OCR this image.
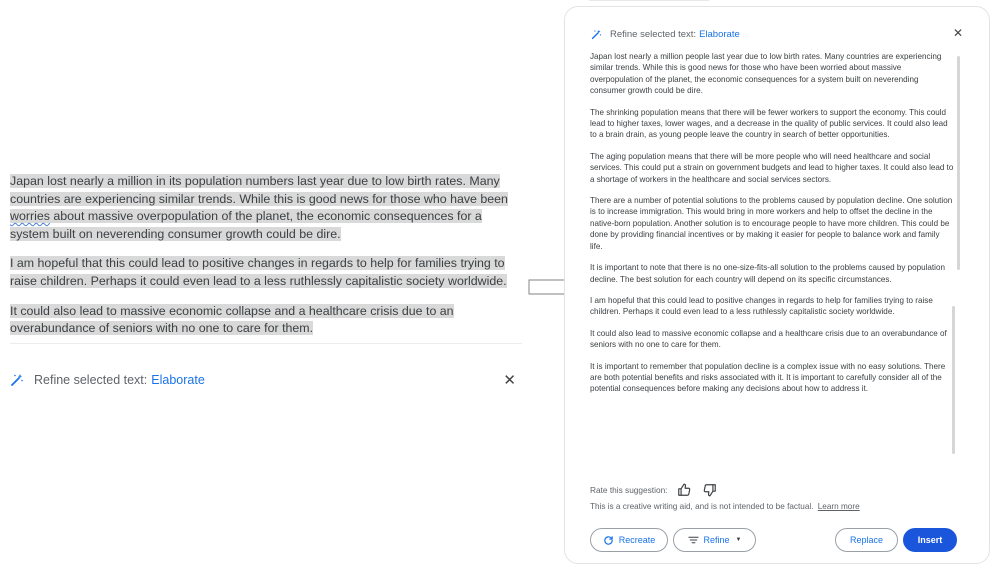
Japan lost nearly a million in its population numbers last year due to low birth rates. Many countries are experiencing similar trends. While this is good news for those who have been worries about massive overpopulation of the planet, the economic consequences for a system built on neverending consumer growth could be dire.

I am hopeful that this could lead to positive changes in regards to help for families trying to raise children. Perhaps it could even lead to a less ruthlessly capitalistic society worldwide.

It could also lead to massive economic collapse and a healthcare crisis due to an overabundance of seniors with no one to care for them.

Refine selected text: Elaborate	✕
Refine selected text: Elaborate	✕

Japan lost nearly a million people last year due to low birth rates. Many countries are experiencing similar trends. While this is good news for those who have been worried about massive overpopulation of the planet, the economic consequences for a system built on neverending consumer growth could be dire.

The shrinking population means that there will be fewer workers to support the economy. This could lead to higher taxes, lower wages, and a decrease in the quality of public services. It could also lead to a brain drain, as young people leave the country in search of better opportunities.

The aging population means that there will be more people who will need healthcare and social services. This could put a strain on government budgets and lead to higher taxes. It could also lead to a shortage of workers in the healthcare and social services sectors.

There are a number of potential solutions to the problems caused by population decline. One solution is to increase immigration. This would bring in more workers and help to offset the decline in the native-born population. Another solution is to encourage people to have more children. This could be done by providing financial incentives or by making it easier for people to balance work and family life.

It is important to note that there is no one-size-fits-all solution to the problems caused by population decline. The best solution for each country will depend on its specific circumstances.

I am hopeful that this could lead to positive changes in regards to help for families trying to raise children. Perhaps it could even lead to a less ruthlessly capitalistic society worldwide.

It could also lead to massive economic collapse and a healthcare crisis due to an overabundance of seniors with no one to care for them.

It is important to remember that population decline is a complex issue with no easy solutions. There are both potential benefits and risks associated with it. It is important to carefully consider all of the potential consequences before making any decisions about how to address it.

Rate this suggestion:
This is a creative writing aid, and is not intended to be factual. Learn more
Recreate	Refine ▼	Replace	Insert
